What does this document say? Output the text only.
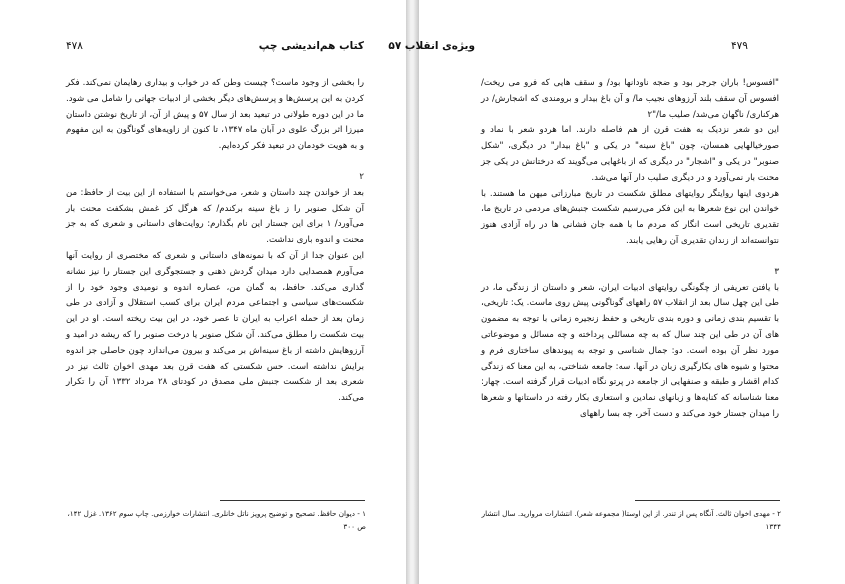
۴۷۸	کتاب هم‌اندیشی چپ

را بخشی از وجود ماست؟ چیست وطن که در خواب و بیداری رهایمان نمی‌کند. فکر کردن به این پرسش‌ها و پرسش‌های دیگر بخشی از ادبیات جهانی را شامل می شود. ما در این دوره طولانی در تبعید بعد از سال ۵۷ و پیش از آن، از تاریخ نوشتن داستان میرزا اثر بزرگ علوی در آبان ماه ۱۳۴۷، تا کنون از زاویه‌های گوناگون به این مفهوم و به هویت خودمان در تبعید فکر کرده‌ایم.

۲

بعد از خواندن چند داستان و شعر، می‌خواستم با استفاده از این بیت از حافظ: من آن شکل صنوبر را ز باغ سینه برکندم/ که هرگل کز غمش بشکفت محنت بار می‌آورد/ ۱ برای این جستار این نام بگذارم: روایت‌های داستانی و شعری که به جز محنت و اندوه باری نداشت.

این عنوان جدا از آن که با نمونه‌های داستانی و شعری که مختصری از روایت آنها می‌آورم همصدایی دارد میدان گردش ذهنی و جستجوگری این جستار را نیز نشانه گذاری می‌کند. حافظ، به گمان من، عصاره اندوه و نومیدی وجود خود را از شکست‌های سیاسی و اجتماعی مردم ایران برای کسب استقلال و آزادی در طی زمان بعد از حمله اعراب به ایران تا عصر خود، در این بیت ریخته است. او در این بیت شکست را مطلق می‌کند. آن شکل صنوبر یا درخت صنوبر را که ریشه در امید و آرزوهایش داشته از باغ سینه‌اش بر می‌کند و بیرون می‌اندازد چون حاصلی جز اندوه برایش نداشته است. حس شکستی که هفت قرن بعد مهدی اخوان ثالث نیز در شعری بعد از شکست جنبش ملی مصدق در کودتای ۲۸ مرداد ۱۳۳۲ آن را تکرار می‌کند.

۱ - دیوان حافظ. تصحیح و توضیح پرویز ناتل خانلری. انتشارات خوارزمی. چاپ سوم ۱۳۶۲. غزل ۱۴۲، ص ۳۰۰
۴۷۹
ویژه‌ی انقلاب ۵۷

"افسوس! باران جرجر بود و ضجه ناودانها بود/ و سقف هایی که فرو می ریخت/ افسوس آن سقف بلند آرزوهای نجیب ما/ و آن باغ بیدار و برومندی که اشجارش/ در هرکناری/ ناگهان می‌شد/ صلیب ما/"۲

این دو شعر نزدیک به هفت قرن از هم فاصله دارند. اما هردو شعر با نماد و صورخیالهایی همسان، چون "باغ سینه" در یکی و "باغ بیدار" در دیگری، "شکل صنوبر" در یکی و "اشجار" در دیگری که از باغهایی می‌گویند که درختانش در یکی جز محنت بار نمی‌آورد و در دیگری صلیب دار آنها می‌شد.

هردوی اینها روایتگر روایتهای مطلق شکست در تاریخ مبارزاتی میهن ما هستند. با خواندن این نوع شعرها به این فکر می‌رسیم شکست جنبش‌های مردمی در تاریخ ما، تقدیری تاریخی است انگار که مردم ما با همه جان فشانی ها در راه آزادی هنوز نتوانسته‌اند از زندان تقدیری آن رهایی یابند.

۳

با یافتن تعریفی از چگونگی روایتهای ادبیات ایران، شعر و داستان از زندگی ما، در طی این چهل سال بعد از انقلاب ۵۷ راههای گوناگونی پیش روی ماست. یک: تاریخی، با تقسیم بندی زمانی و دوره بندی تاریخی و حفظ زنجیره زمانی با توجه به مضمون های آن در طی این چند سال که به چه مسائلی پرداخته و چه مسائل و موضوعاتی مورد نظر آن بوده است. دو: جمال شناسی و توجه به پیوندهای ساختاری فرم و محتوا و شیوه های بکارگیری زبان در آنها. سه: جامعه شناختی، به این معنا که زندگی کدام اقشار و طبقه و صنفهایی از جامعه در پرتو نگاه ادبیات قرار گرفته است. چهار: معنا شناسانه که کنایه‌ها و زبانهای نمادین و استعاری بکار رفته در داستانها و شعرها را میدان جستار خود می‌کند و دست آخر، چه بسا راههای

۲ - مهدی اخوان ثالث. آنگاه پس از تندر. از این اوستا( مجموعه شعر). انتشارات مروارید. سال انتشار ۱۳۴۴
